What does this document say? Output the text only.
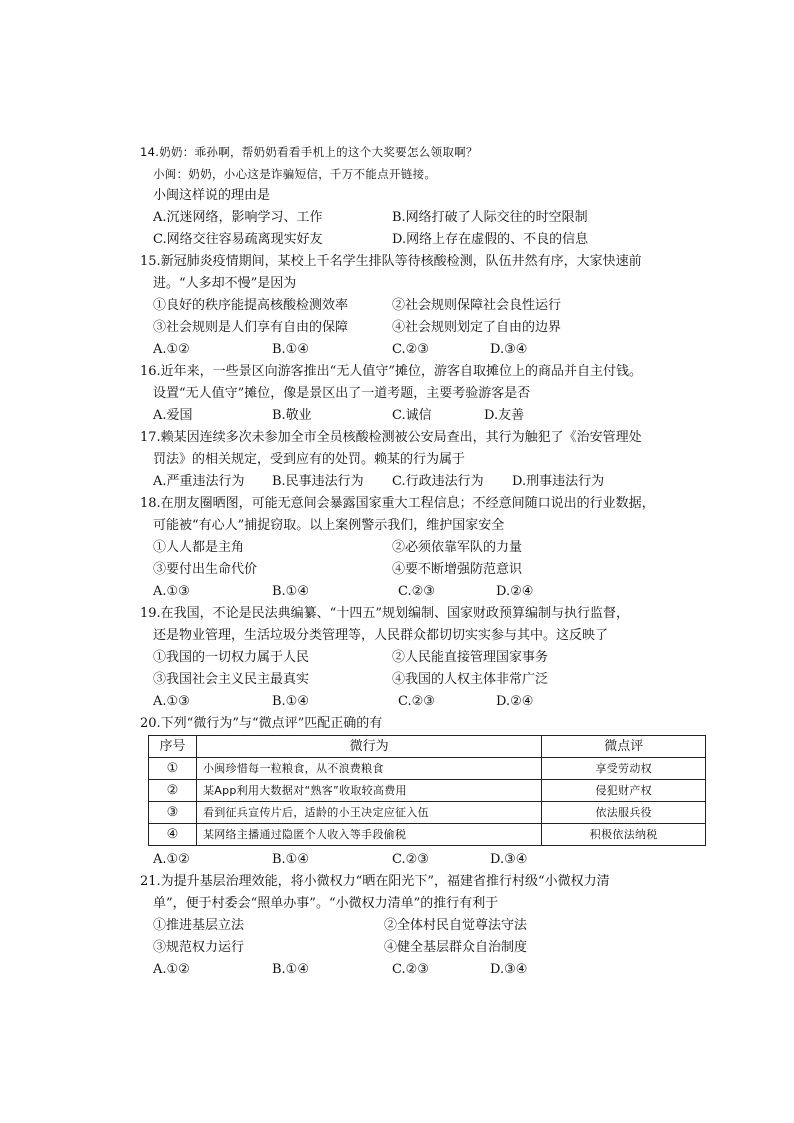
14.奶奶：乖孙啊，帮奶奶看看手机上的这个大奖要怎么领取啊？
小闽：奶奶，小心这是诈骗短信，千万不能点开链接。
小闽这样说的理由是
A.沉迷网络，影响学习、工作	B.网络打破了人际交往的时空限制
C.网络交往容易疏离现实好友	D.网络上存在虚假的、不良的信息
15.新冠肺炎疫情期间，某校上千名学生排队等待核酸检测，队伍井然有序，大家快速前
进。“人多却不慢”是因为
①良好的秩序能提高核酸检测效率	②社会规则保障社会良性运行
③社会规则是人们享有自由的保障	④社会规则划定了自由的边界
A.①②	B.①④	C.②③	D.③④
16.近年来，一些景区向游客推出“无人值守”摊位，游客自取摊位上的商品并自主付钱。
设置“无人值守”摊位，像是景区出了一道考题，主要考验游客是否
A.爱国	B.敬业	C.诚信	D.友善
17.赖某因连续多次未参加全市全员核酸检测被公安局查出，其行为触犯了《治安管理处
罚法》的相关规定，受到应有的处罚。赖某的行为属于
A.严重违法行为 B.民事违法行为 C.行政违法行为 D.刑事违法行为
18.在朋友圈晒图，可能无意间会暴露国家重大工程信息；不经意间随口说出的行业数据，
可能被“有心人”捕捉窃取。以上案例警示我们，维护国家安全
①人人都是主角	②必须依靠军队的力量
③要付出生命代价	④要不断增强防范意识
A.①③	B.①④	C.②③	D.②④
19.在我国，不论是民法典编纂、“十四五”规划编制、国家财政预算编制与执行监督，
还是物业管理，生活垃圾分类管理等，人民群众都切切实实参与其中。这反映了
①我国的一切权力属于人民	②人民能直接管理国家事务
③我国社会主义民主最真实	④我国的人权主体非常广泛
A.①③	B.①④	C.②③	D.②④
20.下列“微行为”与“微点评”匹配正确的有
序号	微行为	微点评
①	小闽珍惜每一粒粮食，从不浪费粮食	享受劳动权
②	某App利用大数据对“熟客”收取较高费用	侵犯财产权
③	看到征兵宣传片后，适龄的小王决定应征入伍	依法服兵役
④	某网络主播通过隐匿个人收入等手段偷税	积极依法纳税
A.①②	B.①④	C.②③	D.③④
21.为提升基层治理效能，将小微权力“晒在阳光下”，福建省推行村级“小微权力清
单”，便于村委会“照单办事”。“小微权力清单”的推行有利于
①推进基层立法	②全体村民自觉尊法守法
③规范权力运行	④健全基层群众自治制度
A.①②	B.①④	C.②③	D.③④
